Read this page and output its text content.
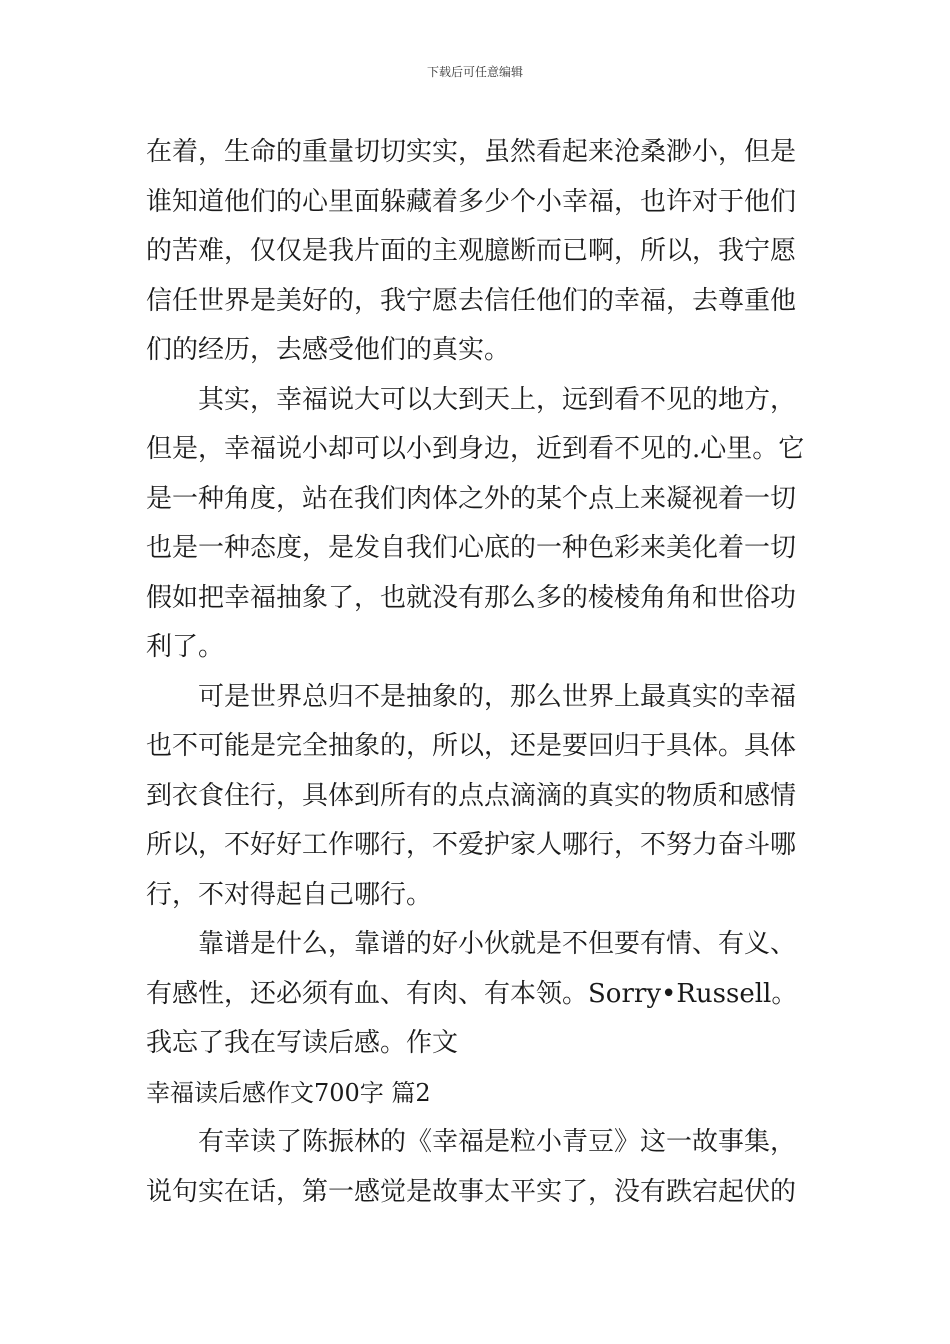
下载后可任意编辑
在着，生命的重量切切实实，虽然看起来沧桑渺小，但是
谁知道他们的心里面躲藏着多少个小幸福，也许对于他们
的苦难，仅仅是我片面的主观臆断而已啊，所以，我宁愿
信任世界是美好的，我宁愿去信任他们的幸福，去尊重他
们的经历，去感受他们的真实。
其实，幸福说大可以大到天上，远到看不见的地方，
但是，幸福说小却可以小到身边，近到看不见的.心里。它
是一种角度，站在我们肉体之外的某个点上来凝视着一切
也是一种态度，是发自我们心底的一种色彩来美化着一切
假如把幸福抽象了，也就没有那么多的棱棱角角和世俗功
利了。
可是世界总归不是抽象的，那么世界上最真实的幸福
也不可能是完全抽象的，所以，还是要回归于具体。具体
到衣食住行，具体到所有的点点滴滴的真实的物质和感情
所以，不好好工作哪行，不爱护家人哪行，不努力奋斗哪
行，不对得起自己哪行。
靠谱是什么，靠谱的好小伙就是不但要有情、有义、
有感性，还必须有血、有肉、有本领。Sorry•Russell。
我忘了我在写读后感。作文
幸福读后感作文700字 篇2
有幸读了陈振林的《幸福是粒小青豆》这一故事集，
说句实在话，第一感觉是故事太平实了，没有跌宕起伏的
